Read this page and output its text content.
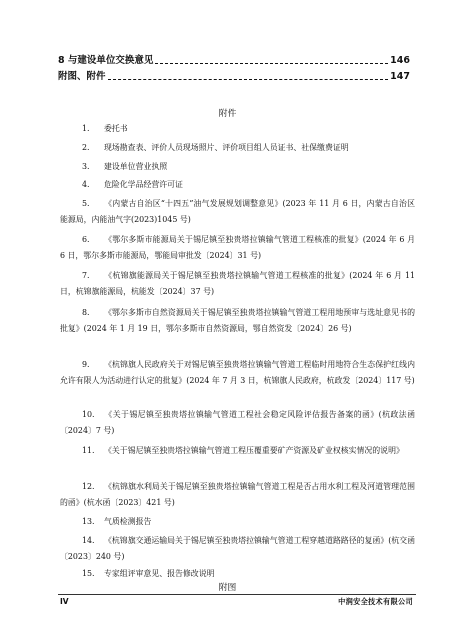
8 与建设单位交换意见	146
附图、附件	147
附件
1. 委托书
2. 现场勘查表、评价人员现场照片、评价项目组人员证书、社保缴费证明
3. 建设单位营业执照
4. 危险化学品经营许可证
5. 《内蒙古自治区“十四五”油气发展规划调整意见》(2023 年 11 月 6 日，内蒙古自治区能源局，内能油气字(2023)1045 号)
6. 《鄂尔多斯市能源局关于锡尼镇至独贵塔拉镇输气管道工程核准的批复》(2024 年 6 月 6 日，鄂尔多斯市能源局，鄂能局审批发〔2024〕31 号)
7. 《杭锦旗能源局关于锡尼镇至独贵塔拉镇输气管道工程核准的批复》(2024 年 6 月 11 日，杭锦旗能源局，杭能发〔2024〕37 号)
8. 《鄂尔多斯市自然资源局关于锡尼镇至独贵塔拉镇输气管道工程用地预审与选址意见书的批复》(2024 年 1 月 19 日，鄂尔多斯市自然资源局，鄂自然资发〔2024〕26 号)
9. 《杭锦旗人民政府关于对锡尼镇至独贵塔拉镇输气管道工程临时用地符合生态保护红线内允许有限人为活动进行认定的批复》(2024 年 7 月 3 日，杭锦旗人民政府，杭政发〔2024〕117 号)
10. 《关于锡尼镇至独贵塔拉镇输气管道工程社会稳定风险评估报告备案的函》(杭政法函〔2024〕7 号)
11. 《关于锡尼镇至独贵塔拉镇输气管道工程压覆重要矿产资源及矿业权核实情况的说明》
12. 《杭锦旗水利局关于锡尼镇至独贵塔拉镇输气管道工程是否占用水利工程及河道管理范围的函》(杭水函〔2023〕421 号)
13. 气质检测报告
14. 《杭锦旗交通运输局关于锡尼镇至独贵塔拉镇输气管道工程穿越道路路径的复函》(杭交函〔2023〕240 号)
15. 专家组评审意见、报告修改说明
附图
IV	中润安全技术有限公司
